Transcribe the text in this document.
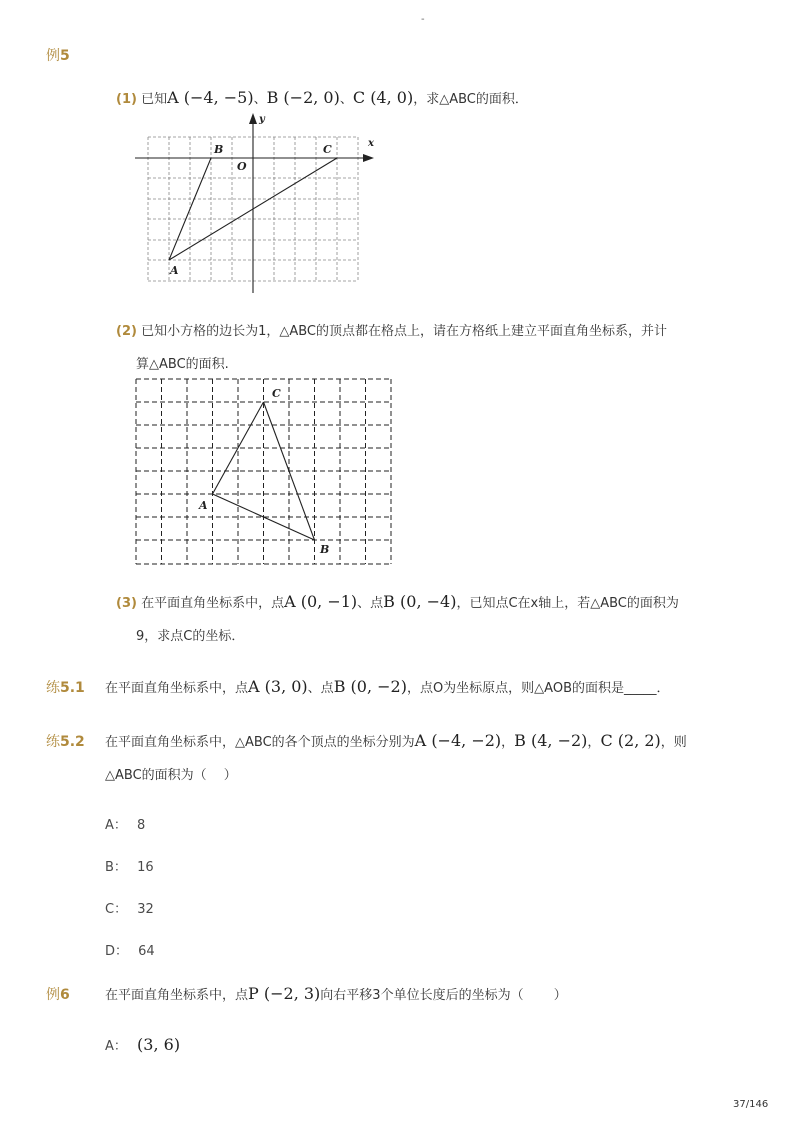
-
例5
(1) 已知A (−4, −5)、B (−2, 0)、C (4, 0)，求△ABC的面积．
x
y
O
B	C
A
(2) 已知小方格的边长为1，△ABC的顶点都在格点上，请在方格纸上建立平面直角坐标系，并计
算△ABC的面积.
C
A
B
(3) 在平面直角坐标系中，点A (0, −1)、点B (0, −4)，已知点C在x轴上，若△ABC的面积为
9，求点C的坐标．
练5.1 在平面直角坐标系中，点A (3, 0)、点B (0, −2)，点O为坐标原点，则△AOB的面积是_____．
练5.2 在平面直角坐标系中，△ABC的各个顶点的坐标分别为A (−4, −2)，B (4, −2)，C (2, 2)，则
△ABC的面积为（　 ）
A： 8
B： 16
C： 32
D： 64
例6	在平面直角坐标系中，点P (−2, 3)向右平移3个单位长度后的坐标为（　　 ）
A： (3, 6)
37/146
